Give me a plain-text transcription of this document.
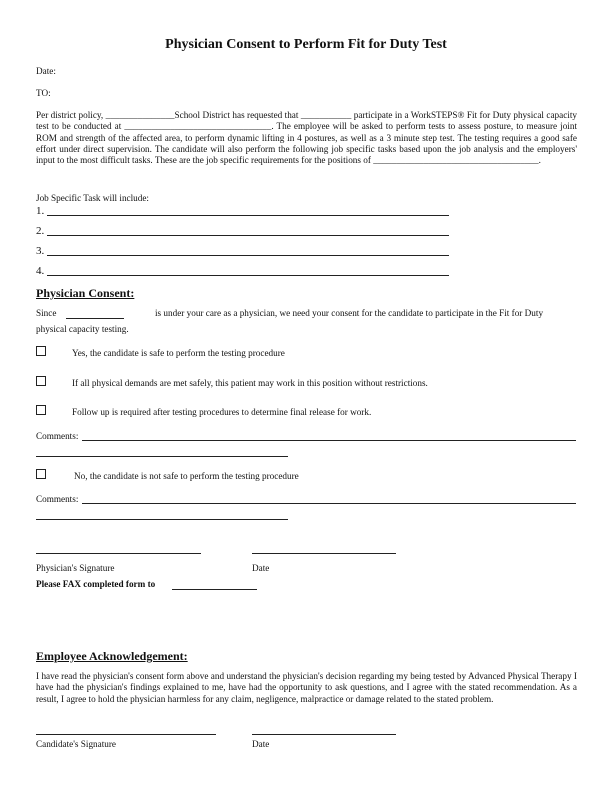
Physician Consent to Perform Fit for Duty Test
Date:
TO:
Per district policy, _______________School District has requested that ___________ participate in a WorkSTEPS® Fit for Duty physical capacity test to be conducted at ________________________________. The employee will be asked to perform tests to assess posture, to measure joint ROM and strength of the affected area, to perform dynamic lifting in 4 postures, as well as a 3 minute step test. The testing requires a good safe effort under direct supervision. The candidate will also perform the following job specific tasks based upon the job analysis and the employers' input to the most difficult tasks. These are the job specific requirements for the positions of ____________________________________.
Job Specific Task will include:
1.
2.
3.
4.
Physician Consent:
Since	is under your care as a physician, we need your consent for the candidate to participate in the Fit for Duty
physical capacity testing.
Yes, the candidate is safe to perform the testing procedure
If all physical demands are met safely, this patient may work in this position without restrictions.
Follow up is required after testing procedures to determine final release for work.
Comments:
No, the candidate is not safe to perform the testing procedure
Comments:
Physician's Signature	Date
Please FAX completed form to
Employee Acknowledgement:
I have read the physician's consent form above and understand the physician's decision regarding my being tested by Advanced Physical Therapy I have had the physician's findings explained to me, have had the opportunity to ask questions, and I agree with the stated recommendation. As a result, I agree to hold the physician harmless for any claim, negligence, malpractice or damage related to the stated problem.
Candidate's Signature	Date
